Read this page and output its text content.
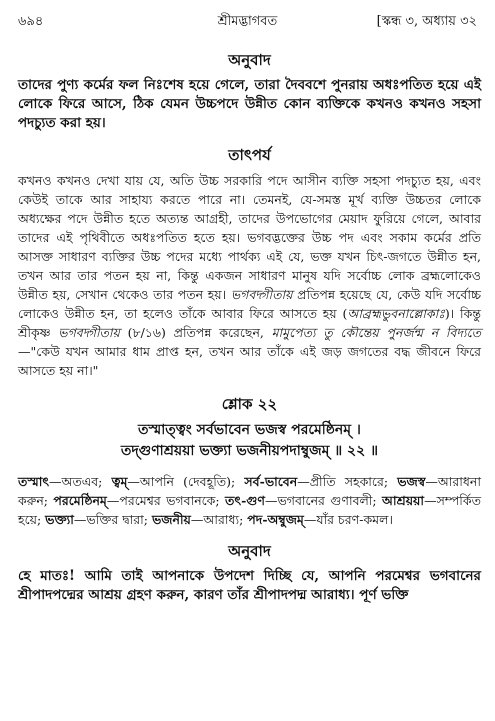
৬৯৪	শ্রীমদ্ভাগবত	[স্কন্ধ ৩, অধ্যায় ৩২
অনুবাদ

তাদের পুণ্য কর্মের ফল নিঃশেষ হয়ে গেলে, তারা দৈববশে পুনরায় অধঃপতিত হয়ে এই লোকে ফিরে আসে, ঠিক যেমন উচ্চপদে উন্নীত কোন ব্যক্তিকে কখনও কখনও সহসা পদচ্যুত করা হয়।

তাৎপর্য

কখনও কখনও দেখা যায় যে, অতি উচ্চ সরকারি পদে আসীন ব্যক্তি সহসা পদচ্যুত হয়, এবং কেউই তাকে আর সাহায্য করতে পারে না। তেমনই, যে-সমস্ত মূর্খ ব্যক্তি উচ্চতর লোকে অধ্যক্ষের পদে উন্নীত হতে অত্যন্ত আগ্রহী, তাদের উপভোগের মেয়াদ ফুরিয়ে গেলে, আবার তাদের এই পৃথিবীতে অধঃপতিত হতে হয়। ভগবদ্ভক্তের উচ্চ পদ এবং সকাম কর্মের প্রতি আসক্ত সাধারণ ব্যক্তির উচ্চ পদের মধ্যে পার্থক্য এই যে, ভক্ত যখন চিৎ-জগতে উন্নীত হন, তখন আর তার পতন হয় না, কিন্তু একজন সাধারণ মানুষ যদি সর্বোচ্চ লোক ব্রহ্মলোকেও উন্নীত হয়, সেখান থেকেও তার পতন হয়। ভগবদ্গীতায় প্রতিপন্ন হয়েছে যে, কেউ যদি সর্বোচ্চ লোকেও উন্নীত হন, তা হলেও তাঁকে আবার ফিরে আসতে হয় (আব্রহ্মভুবনাল্লোকাঃ)। কিন্তু শ্রীকৃষ্ণ ভগবদ্গীতায় (৮/১৬) প্রতিপন্ন করেছেন, মামুপেত্য তু কৌন্তেয় পুনর্জন্ম ন বিদ্যতে—"কেউ যখন আমার ধাম প্রাপ্ত হন, তখন আর তাঁকে এই জড় জগতের বদ্ধ জীবনে ফিরে আসতে হয় না।"

শ্লোক ২২

তস্মাত্ত্বং সর্বভাবেন ভজস্ব পরমেষ্ঠিনম্ ।

তদ্গুণাশ্রয়য়া ভক্ত্যা ভজনীয়পদাম্বুজম্ ॥ ২২ ॥

তস্মাৎ—অতএব; ত্বম্—আপনি (দেবহূতি); সর্ব-ভাবেন—প্রীতি সহকারে; ভজস্ব—আরাধনা করুন; পরমেষ্ঠিনম্—পরমেশ্বর ভগবানকে; তৎ-গুণ—ভগবানের গুণাবলী; আশ্রয়য়া—সম্পর্কিত হয়ে; ভক্ত্যা—ভক্তির দ্বারা; ভজনীয়—আরাধ্য; পদ-অম্বুজম্—যাঁর চরণ-কমল।

অনুবাদ

হে মাতঃ! আমি তাই আপনাকে উপদেশ দিচ্ছি যে, আপনি পরমেশ্বর ভগবানের শ্রীপাদপদ্মের আশ্রয় গ্রহণ করুন, কারণ তাঁর শ্রীপাদপদ্ম আরাধ্য। পূর্ণ ভক্তি
